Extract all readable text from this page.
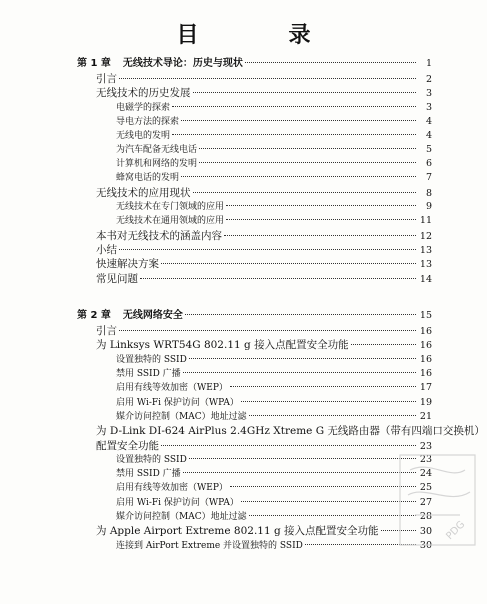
目　录
第 1 章 无线技术导论：历史与现状	1
引言	2
无线技术的历史发展	3
电磁学的探索	3
导电方法的探索	4
无线电的发明	4
为汽车配备无线电话	5
计算机和网络的发明	6
蜂窝电话的发明	7
无线技术的应用现状	8
无线技术在专门领域的应用	9
无线技术在通用领域的应用	11
本书对无线技术的涵盖内容	12
小结	13
快速解决方案	13
常见问题	14
第 2 章 无线网络安全	15
引言	16
为 Linksys WRT54G 802.11 g 接入点配置安全功能	16
设置独特的 SSID	16
禁用 SSID 广播	16
启用有线等效加密（WEP）	17
启用 Wi-Fi 保护访问（WPA）	19
媒介访问控制（MAC）地址过滤	21
为 D-Link DI-624 AirPlus 2.4GHz Xtreme G 无线路由器（带有四端口交换机）
配置安全功能	23
设置独特的 SSID	23
禁用 SSID 广播	24
启用有线等效加密（WEP）	25
启用 Wi-Fi 保护访问（WPA）	27
媒介访问控制（MAC）地址过滤	28
为 Apple Airport Extreme 802.11 g 接入点配置安全功能	30
连接到 AirPort Extreme 并设置独特的 SSID	30
PDG
